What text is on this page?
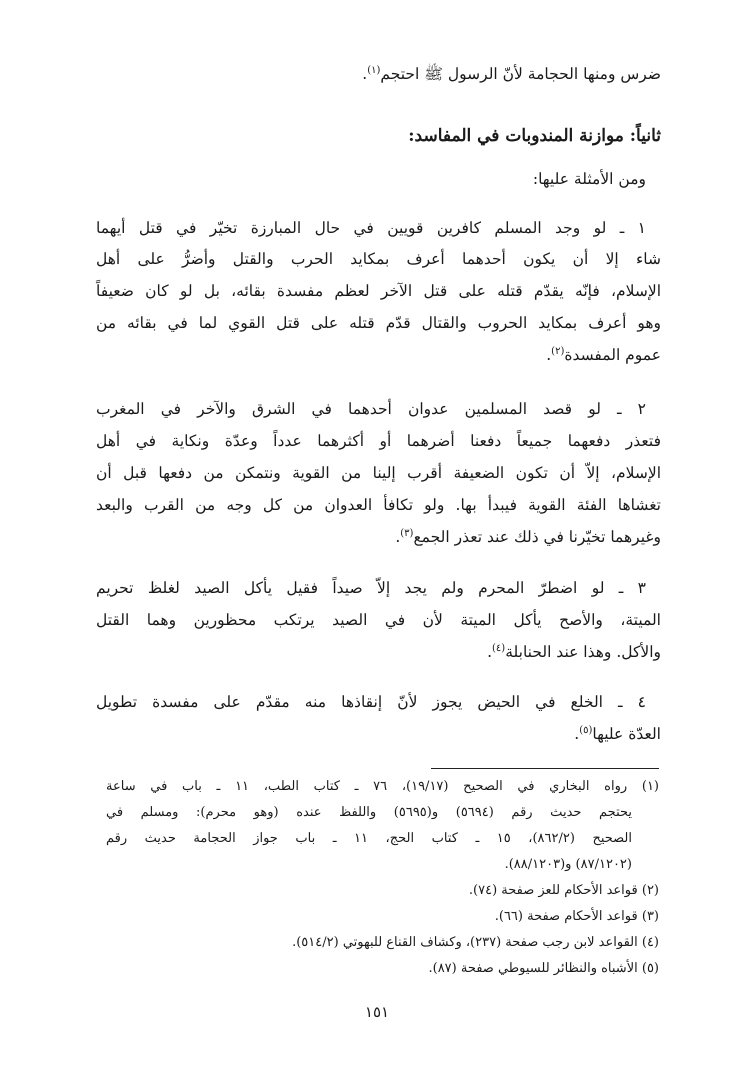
ضرس ومنها الحجامة لأنّ الرسول ﷺ احتجم$^{(١)}$.
ثانياً: موازنة المندوبات في المفاسد:
ومن الأمثلة عليها:
١ ـ لو وجد المسلم كافرين قويين في حال المبارزة تخيّر في قتل أيهما
شاء إلا أن يكون أحدهما أعرف بمكايد الحرب والقتل وأضرُّ على أهل
الإسلام، فإنّه يقدّم قتله على قتل الآخر لعظم مفسدة بقائه، بل لو كان ضعيفاً
وهو أعرف بمكايد الحروب والقتال قدّم قتله على قتل القوي لما في بقائه من
عموم المفسدة$^{(٢)}$.
٢ ـ لو قصد المسلمين عدوان أحدهما في الشرق والآخر في المغرب
فتعذر دفعهما جميعاً دفعنا أضرهما أو أكثرهما عدداً وعدّة ونكاية في أهل
الإسلام، إلاّ أن تكون الضعيفة أقرب إلينا من القوية ونتمكن من دفعها قبل أن
تغشاها الفئة القوية فيبدأ بها. ولو تكافأ العدوان من كل وجه من القرب والبعد
وغيرهما تخيّرنا في ذلك عند تعذر الجمع$^{(٣)}$.
٣ ـ لو اضطرّ المحرم ولم يجد إلاّ صيداً فقيل يأكل الصيد لغلظ تحريم
الميتة، والأصح يأكل الميتة لأن في الصيد يرتكب محظورين وهما القتل
والأكل. وهذا عند الحنابلة$^{(٤)}$.
٤ ـ الخلع في الحيض يجوز لأنّ إنقاذها منه مقدّم على مفسدة تطويل
العدّة عليها$^{(٥)}$.
(١) رواه البخاري في الصحيح (١٩/١٧)، ٧٦ ـ كتاب الطب، ١١ ـ باب في ساعة
يحتجم حديث رقم (٥٦٩٤) و(٥٦٩٥) واللفظ عنده (وهو محرم): ومسلم في
الصحيح (٨٦٢/٢)، ١٥ ـ كتاب الحج، ١١ ـ باب جواز الحجامة حديث رقم
(٨٧/١٢٠٢) و(٨٨/١٢٠٣).
(٢) قواعد الأحكام للعز صفحة (٧٤).
(٣) قواعد الأحكام صفحة (٦٦).
(٤) القواعد لابن رجب صفحة (٢٣٧)، وكشاف القناع للبهوتي (٥١٤/٢).
(٥) الأشباه والنظائر للسيوطي صفحة (٨٧).
١٥١
